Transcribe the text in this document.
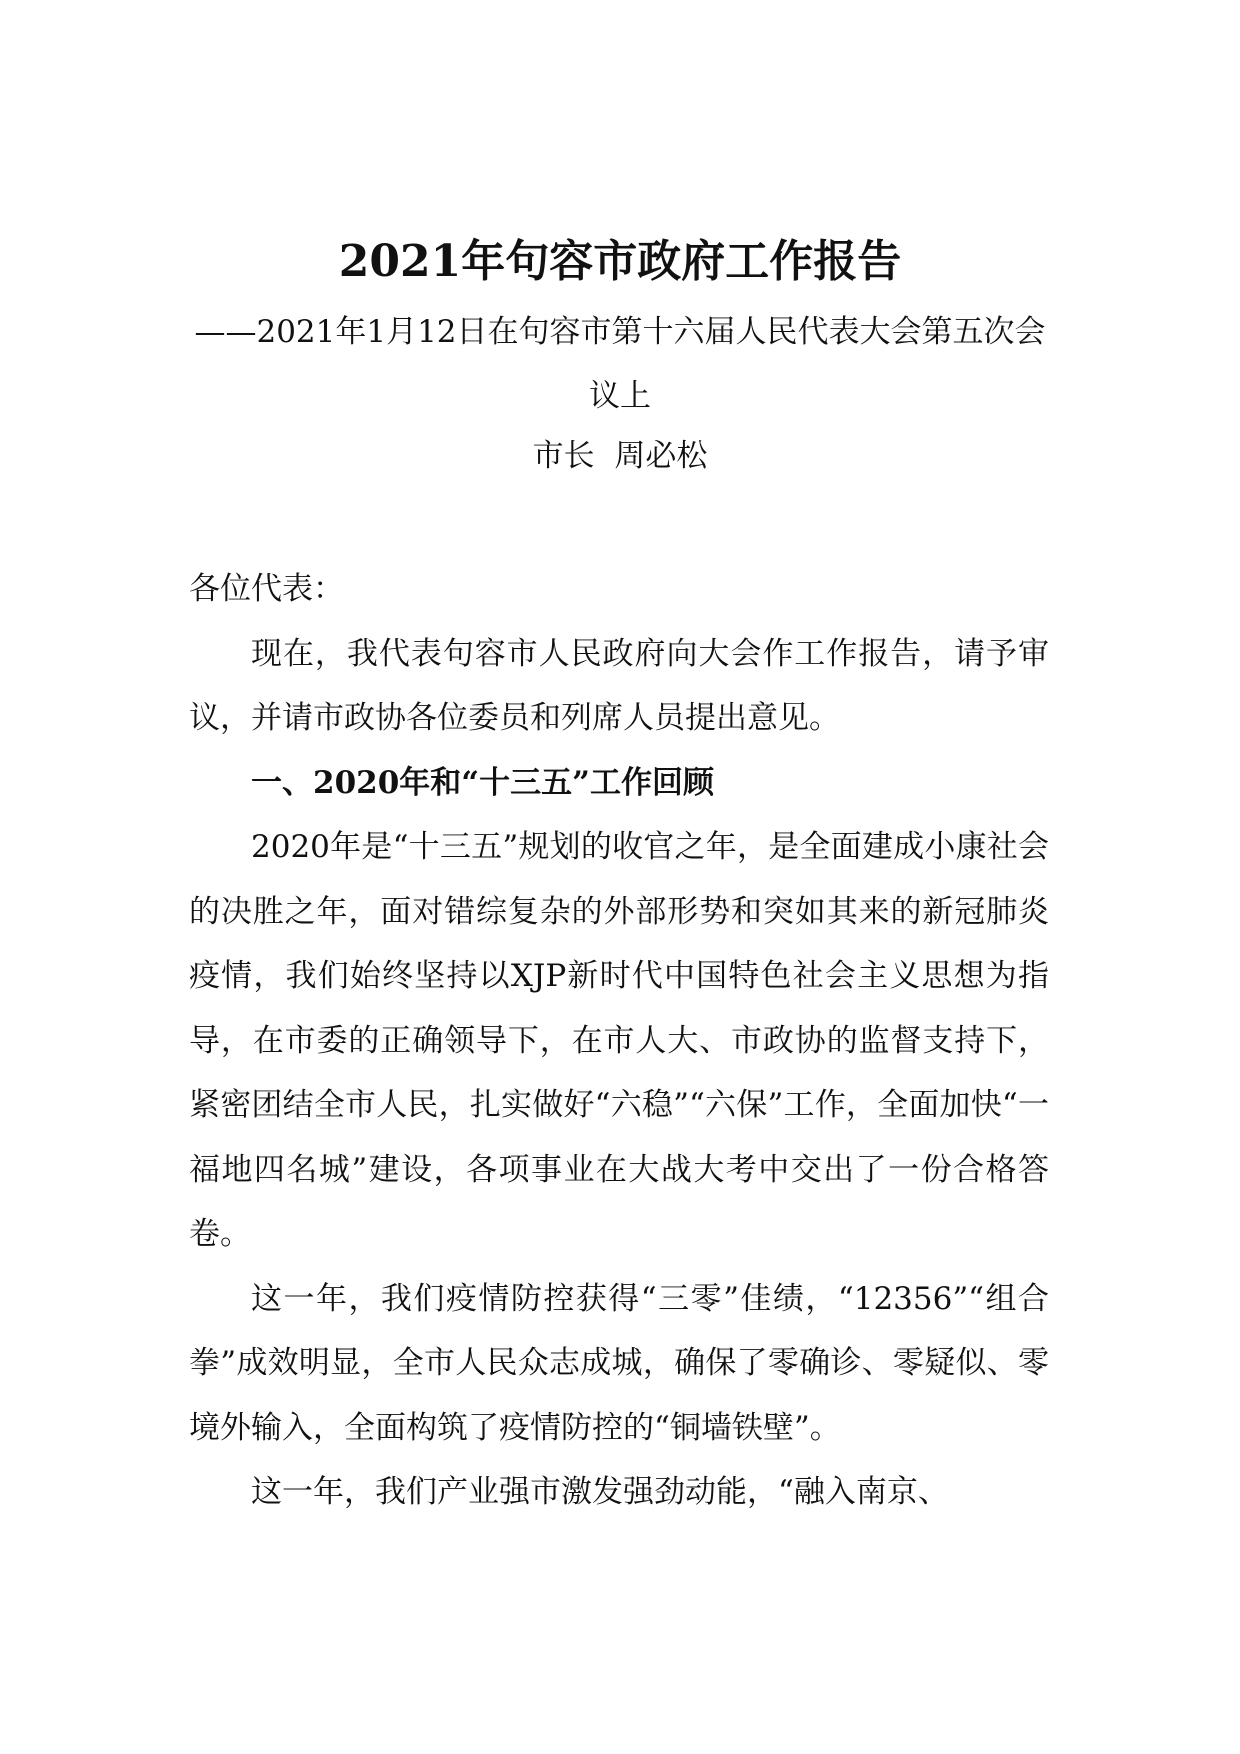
2021年句容市政府工作报告
——2021年1月12日在句容市第十六届人民代表大会第五次会议上
市长  周必松

各位代表：

现在，我代表句容市人民政府向大会作工作报告，请予审议，并请市政协各位委员和列席人员提出意见。

一、2020年和“十三五”工作回顾

2020年是“十三五”规划的收官之年，是全面建成小康社会的决胜之年，面对错综复杂的外部形势和突如其来的新冠肺炎疫情，我们始终坚持以XJP新时代中国特色社会主义思想为指导，在市委的正确领导下，在市人大、市政协的监督支持下，紧密团结全市人民，扎实做好“六稳”“六保”工作，全面加快“一福地四名城”建设，各项事业在大战大考中交出了一份合格答卷。

这一年，我们疫情防控获得“三零”佳绩，“12356”“组合拳”成效明显，全市人民众志成城，确保了零确诊、零疑似、零境外输入，全面构筑了疫情防控的“铜墙铁壁”。

这一年，我们产业强市激发强劲动能，“融入南京、
